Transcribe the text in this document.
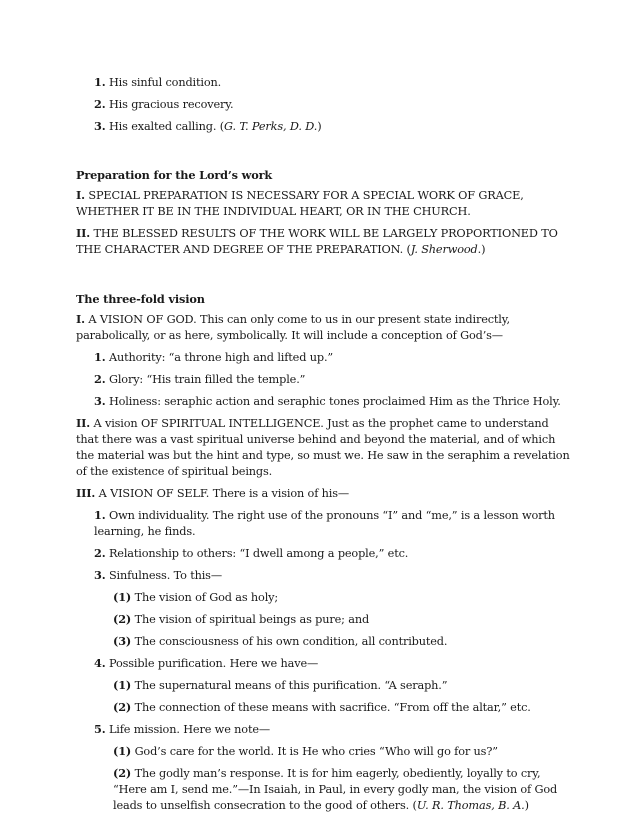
1. His sinful condition.
2. His gracious recovery.
3. His exalted calling. (G. T. Perks, D. D.)
Preparation for the Lord’s work
I. SPECIAL PREPARATION IS NECESSARY FOR A SPECIAL WORK OF GRACE, WHETHER IT BE IN THE INDIVIDUAL HEART, OR IN THE CHURCH.
II. THE BLESSED RESULTS OF THE WORK WILL BE LARGELY PROPORTIONED TO THE CHARACTER AND DEGREE OF THE PREPARATION. (J. Sherwood.)
The three-fold vision
I. A VISION OF GOD. This can only come to us in our present state indirectly, parabolically, or as here, symbolically. It will include a conception of God’s—
1. Authority: “a throne high and lifted up.”
2. Glory: “His train filled the temple.”
3. Holiness: seraphic action and seraphic tones proclaimed Him as the Thrice Holy.
II. A vision OF SPIRITUAL INTELLIGENCE. Just as the prophet came to understand that there was a vast spiritual universe behind and beyond the material, and of which the material was but the hint and type, so must we. He saw in the seraphim a revelation of the existence of spiritual beings.
III. A VISION OF SELF. There is a vision of his—
1. Own individuality. The right use of the pronouns “I” and “me,” is a lesson worth learning, he finds.
2. Relationship to others: “I dwell among a people,” etc.
3. Sinfulness. To this—
(1) The vision of God as holy;
(2) The vision of spiritual beings as pure; and
(3) The consciousness of his own condition, all contributed.
4. Possible purification. Here we have—
(1) The supernatural means of this purification. “A seraph.”
(2) The connection of these means with sacrifice. “From off the altar,” etc.
5. Life mission. Here we note—
(1) God’s care for the world. It is He who cries “Who will go for us?”
(2) The godly man’s response. It is for him eagerly, obediently, loyally to cry, “Here am I, send me.”—In Isaiah, in Paul, in every godly man, the vision of God leads to unselfish consecration to the good of others. (U. R. Thomas, B. A.)
